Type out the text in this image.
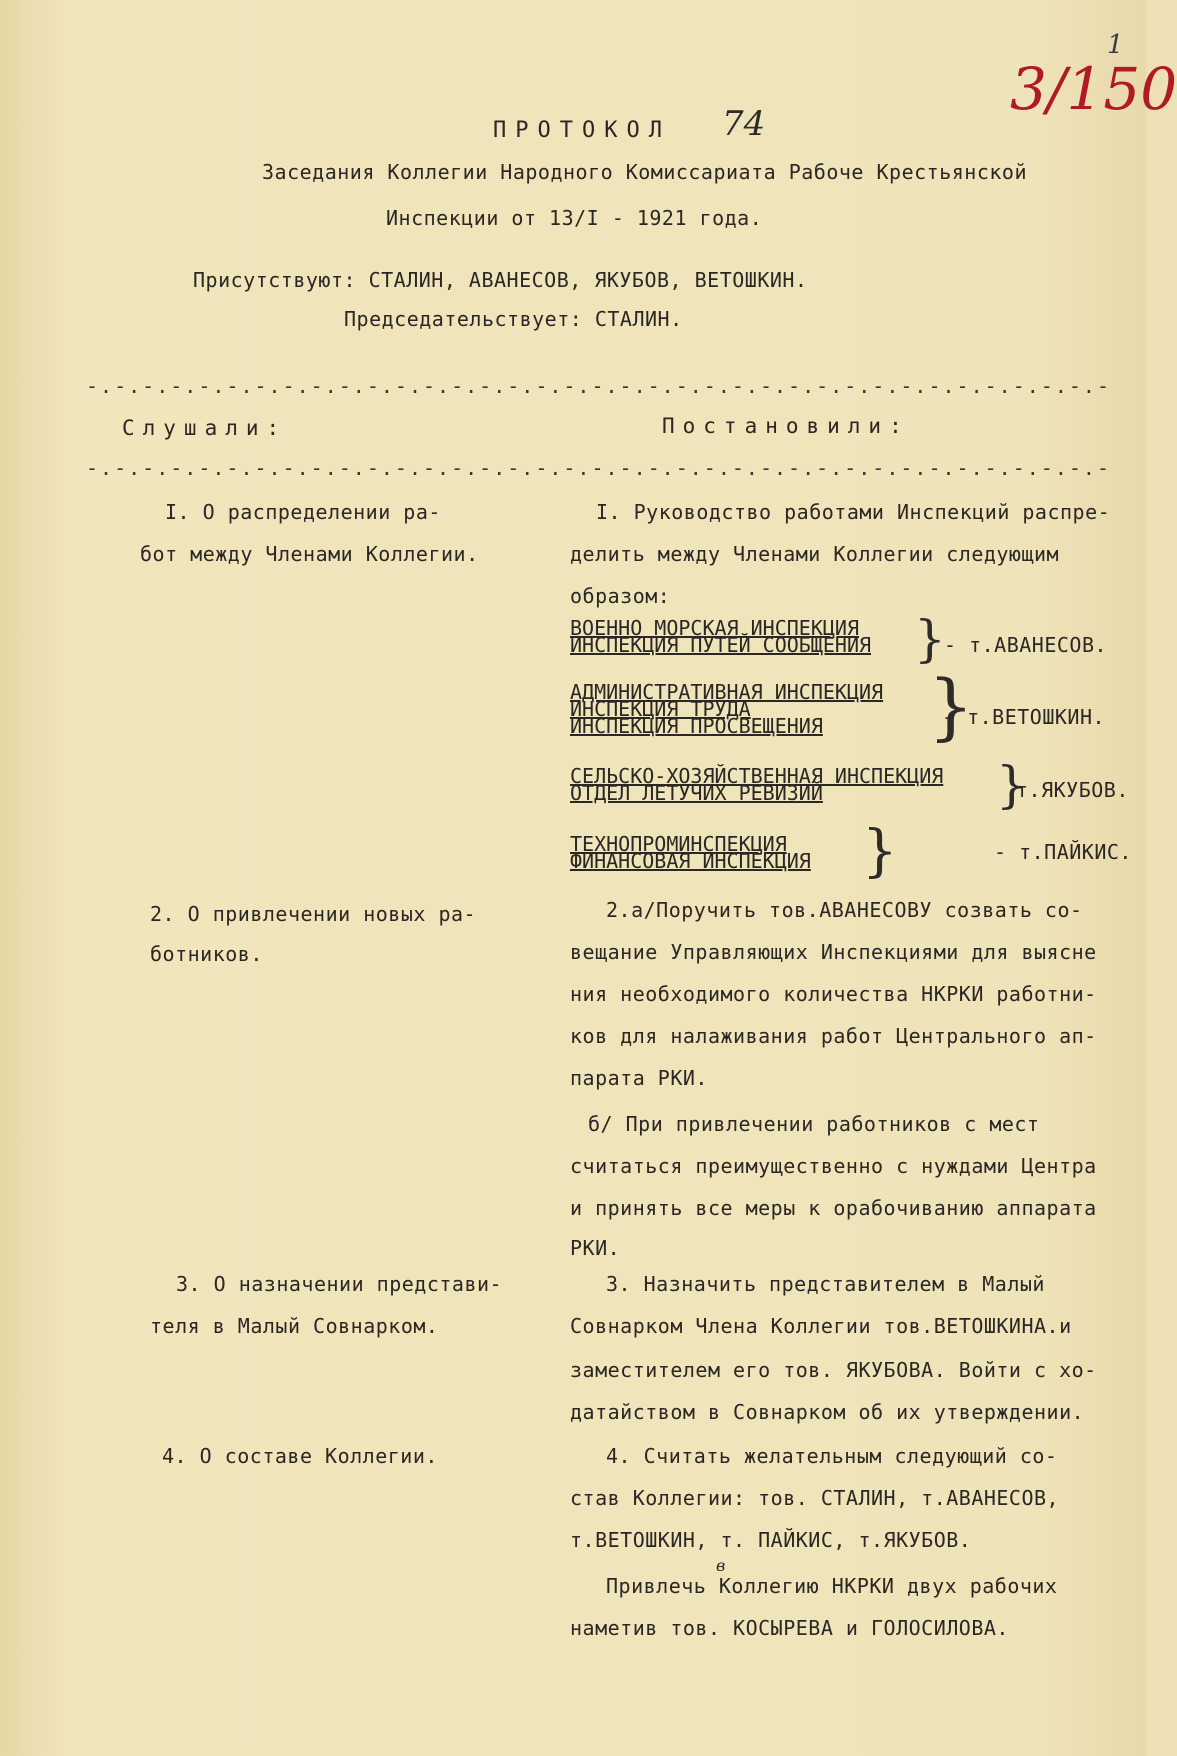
1
3/150
ПРОТОКОЛ 74
Заседания Коллегии Народного Комиссариата Рабоче Крестьянской
Инспекции от 13/I - 1921 года.
Присутствуют: СТАЛИН, АВАНЕСОВ, ЯКУБОВ, ВЕТОШКИН.
Председательствует: СТАЛИН.
-.-.-.-.-.-.-.-.-.-.-.-.-.-.-.-.-.-.-.-.-.-.-.-.-.-.-.-.-.-.-.-.-.-.-.-.-
Слушали:	Постановили:
-.-.-.-.-.-.-.-.-.-.-.-.-.-.-.-.-.-.-.-.-.-.-.-.-.-.-.-.-.-.-.-.-.-.-.-.-
I. О распределении ра-
бот между Членами Коллегии.
I. Руководство работами Инспекций распре-
делить между Членами Коллегии следующим
образом:
ВОЕННО МОРСКАЯ ИНСПЕКЦИЯ
ИНСПЕКЦИЯ ПУТЕЙ СООБЩЕНИЯ }
- т.АВАНЕСОВ.
АДМИНИСТРАТИВНАЯ ИНСПЕКЦИЯ
ИНСПЕКЦИЯ ТРУДА
ИНСПЕКЦИЯ ПРОСВЕЩЕНИЯ }
- т.ВЕТОШКИН.
СЕЛЬСКО-ХОЗЯЙСТВЕННАЯ ИНСПЕКЦИЯ
ОТДЕЛ ЛЕТУЧИХ РЕВИЗИЙ	}
т.ЯКУБОВ.
ТЕХНОПРОМИНСПЕКЦИЯ
ФИНАНСОВАЯ ИНСПЕКЦИЯ }	- т.ПАЙКИС.
2. О привлечении новых ра-
ботников.
2.а/Поручить тов.АВАНЕСОВУ созвать со-
вещание Управляющих Инспекциями для выясне
ния необходимого количества НКРКИ работни-
ков для налаживания работ Центрального ап-
парата РКИ.
б/ При привлечении работников с мест
считаться преимущественно с нуждами Центра
и принять все меры к орабочиванию аппарата
РКИ.
3. О назначении представи-
теля в Малый Совнарком.
3. Назначить представителем в Малый
Совнарком Члена Коллегии тов.ВЕТОШКИНА.и
заместителем его тов. ЯКУБОВА. Войти с хо-
датайством в Совнарком об их утверждении.
4. О составе Коллегии.	4. Считать желательным следующий со-
став Коллегии: тов. СТАЛИН, т.АВАНЕСОВ,
т.ВЕТОШКИН, т. ПАЙКИС, т.ЯКУБОВ.
в
Привлечь Коллегию НКРКИ двух рабочих
наметив тов. КОСЫРЕВА и ГОЛОСИЛОВА.
